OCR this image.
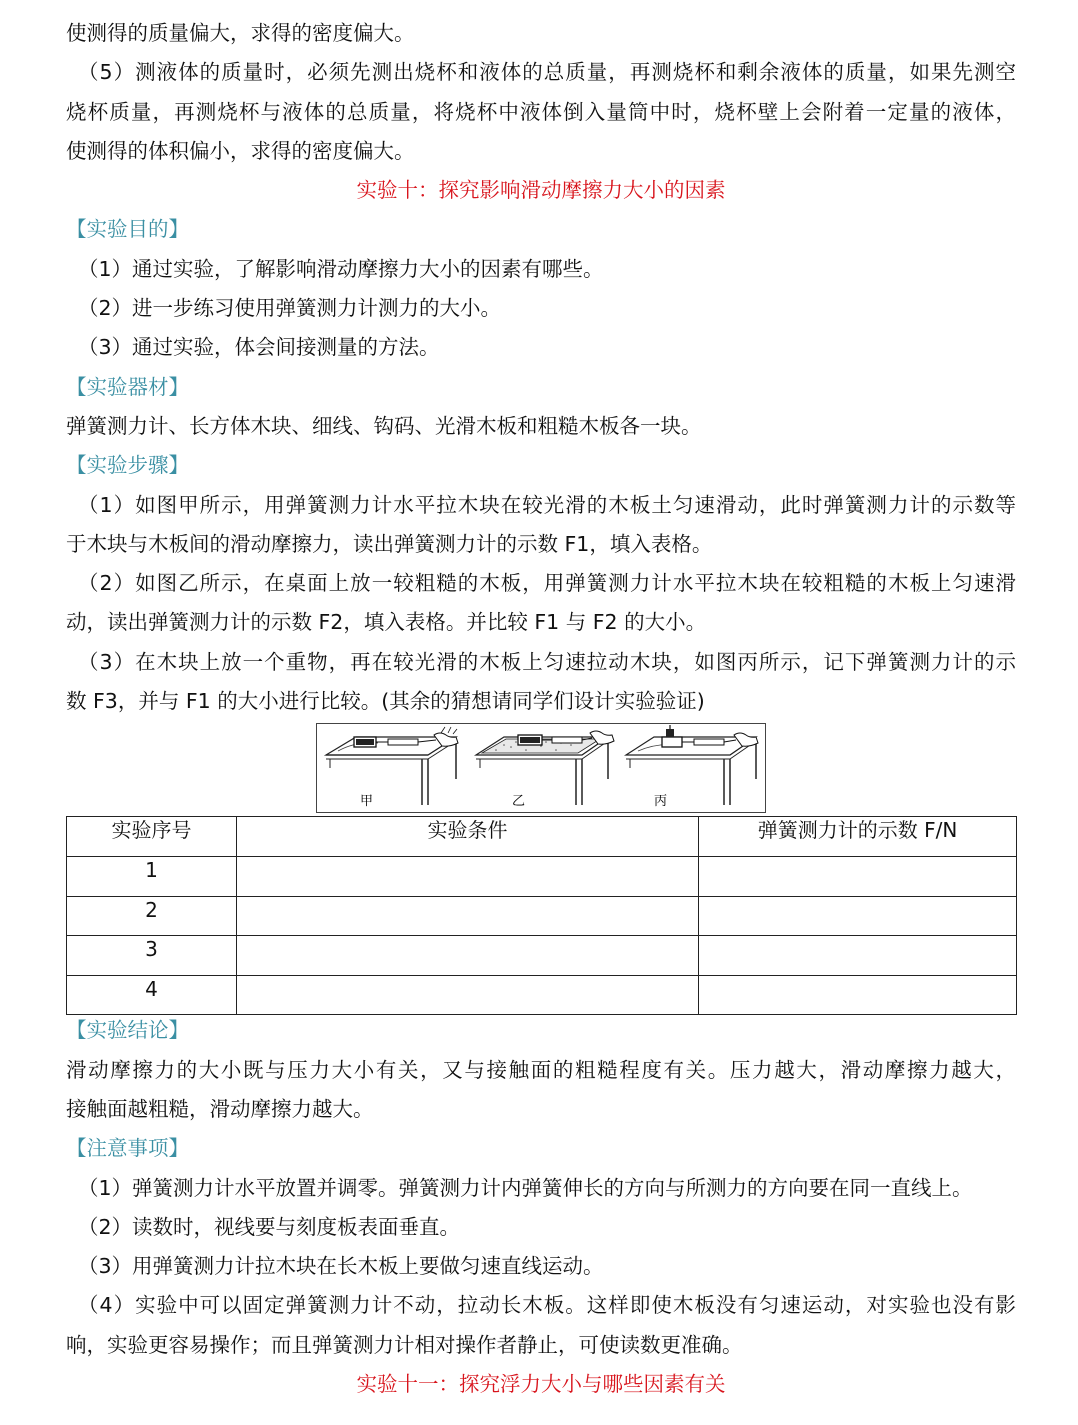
使测得的质量偏大，求得的密度偏大。
（5）测液体的质量时，必须先测出烧杯和液体的总质量，再测烧杯和剩余液体的质量，如果先测空
烧杯质量，再测烧杯与液体的总质量，将烧杯中液体倒入量筒中时，烧杯壁上会附着一定量的液体，
使测得的体积偏小，求得的密度偏大。
实验十：探究影响滑动摩擦力大小的因素
【实验目的】
（1）通过实验，了解影响滑动摩擦力大小的因素有哪些。
（2）进一步练习使用弹簧测力计测力的大小。
（3）通过实验，体会间接测量的方法。
【实验器材】
弹簧测力计、长方体木块、细线、钩码、光滑木板和粗糙木板各一块。
【实验步骤】
（1）如图甲所示，用弹簧测力计水平拉木块在较光滑的木板土匀速滑动，此时弹簧测力计的示数等
于木块与木板间的滑动摩擦力，读出弹簧测力计的示数 F1，填入表格。
（2）如图乙所示，在桌面上放一较粗糙的木板，用弹簧测力计水平拉木块在较粗糙的木板上匀速滑
动，读出弹簧测力计的示数 F2，填入表格。并比较 F1 与 F2 的大小。
（3）在木块上放一个重物，再在较光滑的木板上匀速拉动木块，如图丙所示，记下弹簧测力计的示
数 F3，并与 F1 的大小进行比较。(其余的猜想请同学们设计实验验证)
甲	乙	丙
实验序号	实验条件	弹簧测力计的示数 F/N
1		
2		
3		
4		
【实验结论】
滑动摩擦力的大小既与压力大小有关，又与接触面的粗糙程度有关。压力越大，滑动摩擦力越大，
接触面越粗糙，滑动摩擦力越大。
【注意事项】
（1）弹簧测力计水平放置并调零。弹簧测力计内弹簧伸长的方向与所测力的方向要在同一直线上。
（2）读数时，视线要与刻度板表面垂直。
（3）用弹簧测力计拉木块在长木板上要做匀速直线运动。
（4）实验中可以固定弹簧测力计不动，拉动长木板。这样即使木板没有匀速运动，对实验也没有影
响，实验更容易操作；而且弹簧测力计相对操作者静止，可使读数更准确。
实验十一：探究浮力大小与哪些因素有关
